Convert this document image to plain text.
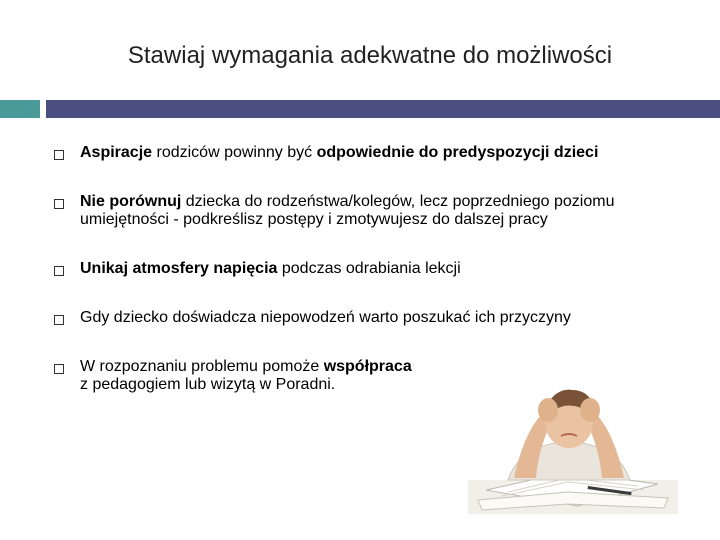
Stawiaj wymagania adekwatne do możliwości
Aspiracje rodziców powinny być odpowiednie do predyspozycji dzieci
Nie porównuj dziecka do rodzeństwa/kolegów, lecz poprzedniego poziomu
umiejętności - podkreślisz postępy i zmotywujesz do dalszej pracy
Unikaj atmosfery napięcia podczas odrabiania lekcji
Gdy dziecko doświadcza niepowodzeń warto poszukać ich przyczyny
W rozpoznaniu problemu pomoże współpraca
z pedagogiem lub wizytą w Poradni.
